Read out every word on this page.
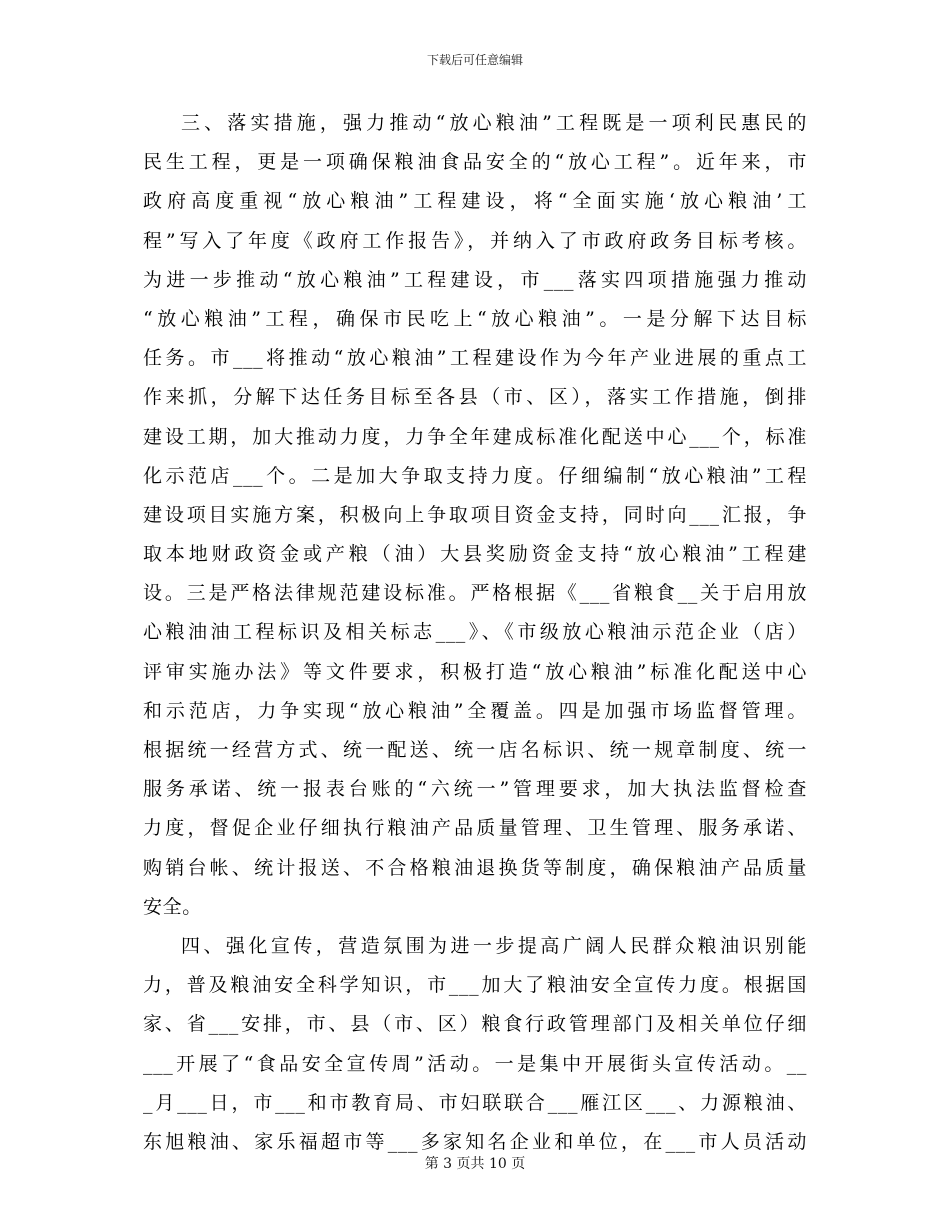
下载后可任意编辑
三、落实措施，强力推动“放心粮油”工程既是一项利民惠民的
民生工程，更是一项确保粮油食品安全的“放心工程”。近年来，市
政府高度重视“放心粮油”工程建设，将“全面实施‘放心粮油’工
程”写入了年度《政府工作报告》，并纳入了市政府政务目标考核。
为进一步推动“放心粮油”工程建设，市___落实四项措施强力推动
“放心粮油”工程，确保市民吃上“放心粮油”。一是分解下达目标
任务。市___将推动“放心粮油”工程建设作为今年产业进展的重点工
作来抓，分解下达任务目标至各县（市、区），落实工作措施，倒排
建设工期，加大推动力度，力争全年建成标准化配送中心___个，标准
化示范店___个。二是加大争取支持力度。仔细编制“放心粮油”工程
建设项目实施方案，积极向上争取项目资金支持，同时向___汇报，争
取本地财政资金或产粮（油）大县奖励资金支持“放心粮油”工程建
设。三是严格法律规范建设标准。严格根据《___省粮食__关于启用放
心粮油油工程标识及相关标志___》、《市级放心粮油示范企业（店）
评审实施办法》等文件要求，积极打造“放心粮油”标准化配送中心
和示范店，力争实现“放心粮油”全覆盖。四是加强市场监督管理。
根据统一经营方式、统一配送、统一店名标识、统一规章制度、统一
服务承诺、统一报表台账的“六统一”管理要求，加大执法监督检查
力度，督促企业仔细执行粮油产品质量管理、卫生管理、服务承诺、
购销台帐、统计报送、不合格粮油退换货等制度，确保粮油产品质量
安全。
四、强化宣传，营造氛围为进一步提高广阔人民群众粮油识别能
力，普及粮油安全科学知识，市___加大了粮油安全宣传力度。根据国
家、省___安排，市、县（市、区）粮食行政管理部门及相关单位仔细
___开展了“食品安全宣传周”活动。一是集中开展街头宣传活动。__
_月___日，市___和市教育局、市妇联联合___雁江区___、力源粮油、
东旭粮油、家乐福超市等___多家知名企业和单位，在___市人员活动
第 3 页共 10 页
